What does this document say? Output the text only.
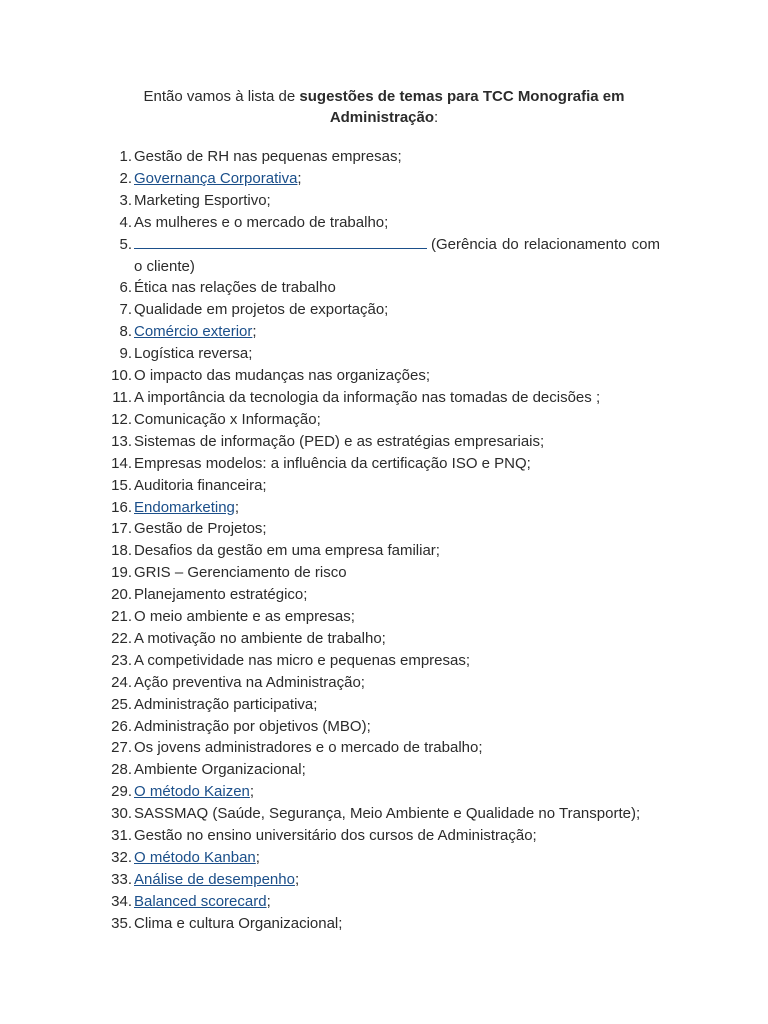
Então vamos à lista de sugestões de temas para TCC Monografia em Administração:
1. Gestão de RH nas pequenas empresas;
2. Governança Corporativa;
3. Marketing Esportivo;
4. As mulheres e o mercado de trabalho;
5.	(Gerência do relacionamento com o cliente)
6. Ética nas relações de trabalho
7. Qualidade em projetos de exportação;
8. Comércio exterior;
9. Logística reversa;
10. O impacto das mudanças nas organizações;
11. A importância da tecnologia da informação nas tomadas de decisões ;
12. Comunicação x Informação;
13. Sistemas de informação (PED) e as estratégias empresariais;
14. Empresas modelos: a influência da certificação ISO e PNQ;
15. Auditoria financeira;
16. Endomarketing;
17. Gestão de Projetos;
18. Desafios da gestão em uma empresa familiar;
19. GRIS – Gerenciamento de risco
20. Planejamento estratégico;
21. O meio ambiente e as empresas;
22. A motivação no ambiente de trabalho;
23. A competividade nas micro e pequenas empresas;
24. Ação preventiva na Administração;
25. Administração participativa;
26. Administração por objetivos (MBO);
27. Os jovens administradores e o mercado de trabalho;
28. Ambiente Organizacional;
29. O método Kaizen;
30. SASSMAQ (Saúde, Segurança, Meio Ambiente e Qualidade no Transporte);
31. Gestão no ensino universitário dos cursos de Administração;
32. O método Kanban;
33. Análise de desempenho;
34. Balanced scorecard;
35. Clima e cultura Organizacional;
